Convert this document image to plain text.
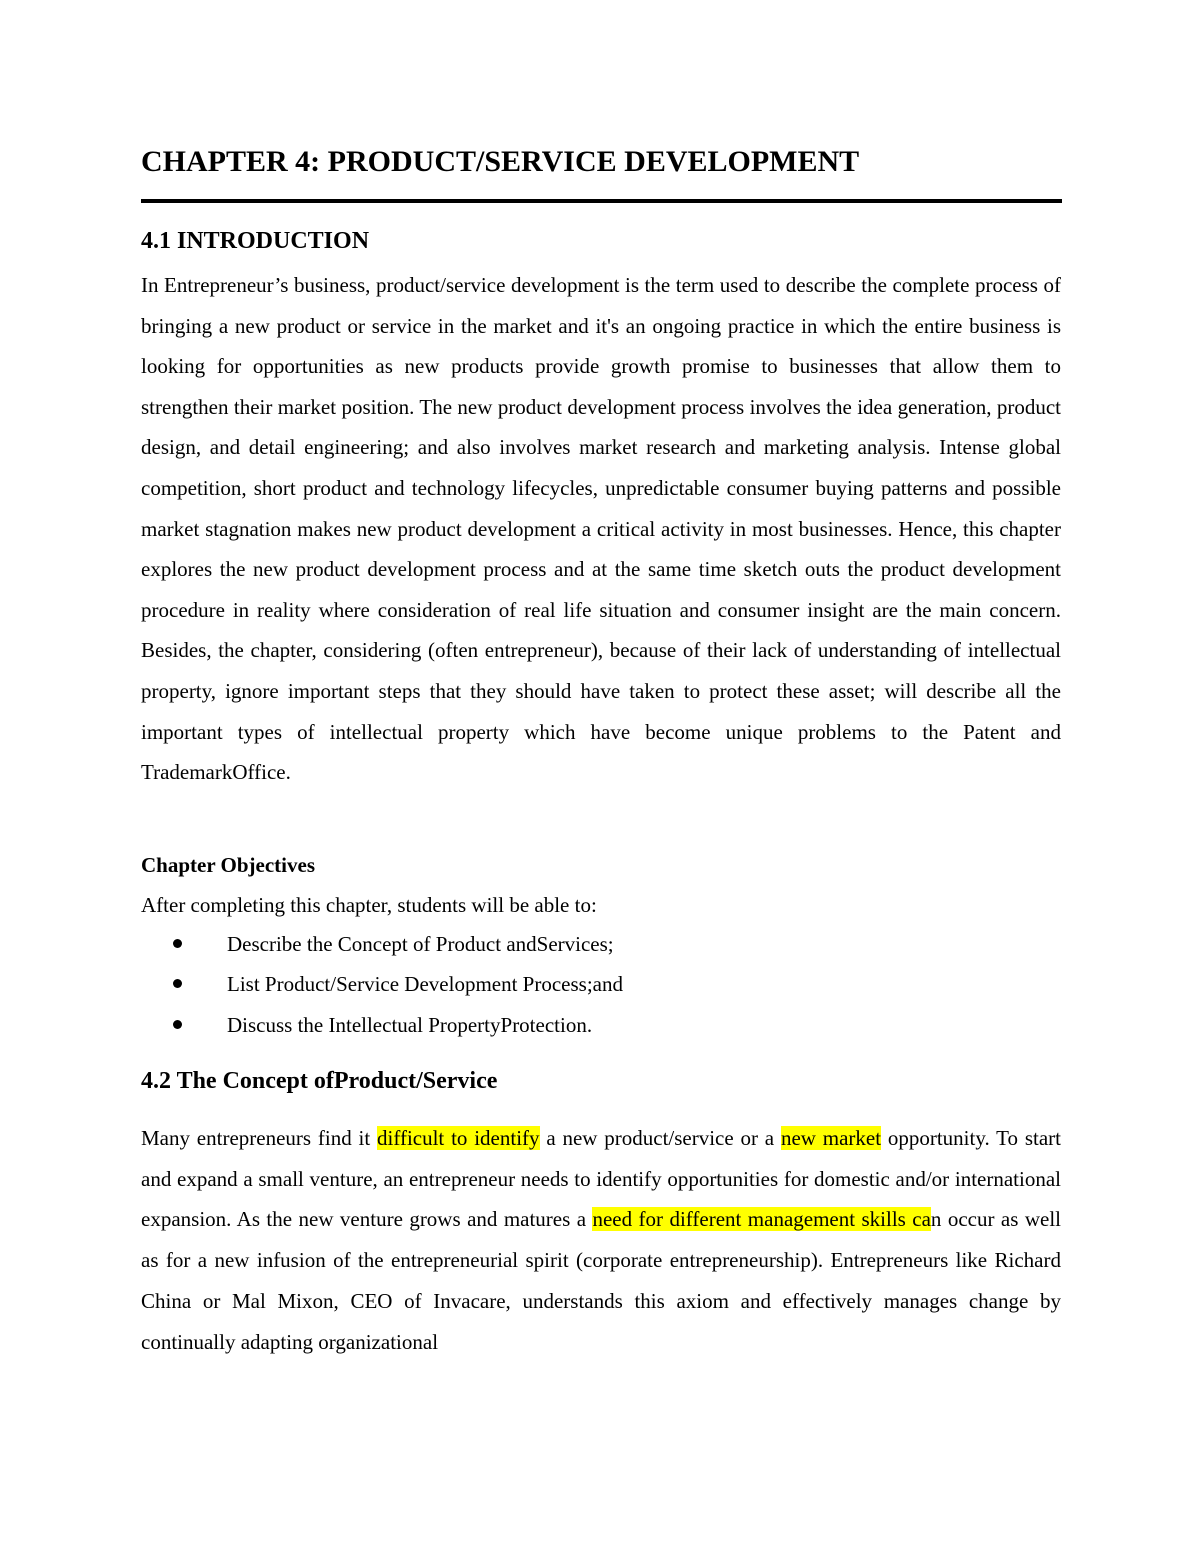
CHAPTER 4: PRODUCT/SERVICE DEVELOPMENT
4.1 INTRODUCTION

In Entrepreneur’s business, product/service development is the term used to describe the complete process of bringing a new product or service in the market and it's an ongoing practice in which the entire business is looking for opportunities as new products provide growth promise to businesses that allow them to strengthen their market position. The new product development process involves the idea generation, product design, and detail engineering; and also involves market research and marketing analysis. Intense global competition, short product and technology lifecycles, unpredictable consumer buying patterns and possible market stagnation makes new product development a critical activity in most businesses. Hence, this chapter explores the new product development process and at the same time sketch outs the product development procedure in reality where consideration of real life situation and consumer insight are the main concern. Besides, the chapter, considering (often entrepreneur), because of their lack of understanding of intellectual property, ignore important steps that they should have taken to protect these asset; will describe all the important types of intellectual property which have become unique problems to the Patent and TrademarkOffice.

Chapter Objectives

After completing this chapter, students will be able to:

Describe the Concept of Product andServices;
List Product/Service Development Process;and
Discuss the Intellectual PropertyProtection.
4.2 The Concept ofProduct/Service

Many entrepreneurs find it difficult to identify a new product/service or a new market opportunity. To start and expand a small venture, an entrepreneur needs to identify opportunities for domestic and/or international expansion. As the new venture grows and matures a need for different management skills can occur as well as for a new infusion of the entrepreneurial spirit (corporate entrepreneurship). Entrepreneurs like Richard China or Mal Mixon, CEO of Invacare, understands this axiom and effectively manages change by continually adapting organizational
